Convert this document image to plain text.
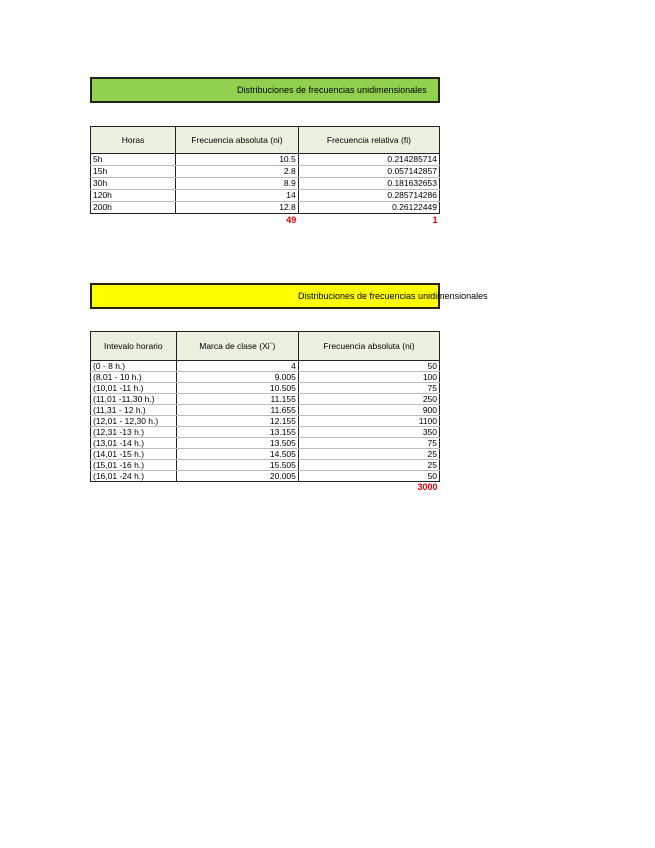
Distribuciones de frecuencias unidimensionales
Horas	Frecuencia absoluta (ni)	Frecuencia relativa (fi)
5h	10.5	0.214285714
15h	2.8	0.057142857
30h	8.9	0.181632653
120h	14	0.285714286
200h	12.8	0.26122449
	49	1
Distribuciones de frecuencias unidimensionales
Intevalo horario	Marca de clase (Xi´)	Frecuencia absoluta (ni)
(0 - 8 h.)	4	50
(8,01 - 10 h.)	9.005	100
(10,01 -11 h.)	10.505	75
(11,01 -11,30 h.)	11.155	250
(11,31 - 12 h.)	11.655	900
(12,01 - 12,30 h.)	12.155	1100
(12,31 -13 h.)	13.155	350
(13,01 -14 h.)	13.505	75
(14,01 -15 h.)	14.505	25
(15,01 -16 h.)	15.505	25
(16,01 -24 h.)	20.005	50
		3000
